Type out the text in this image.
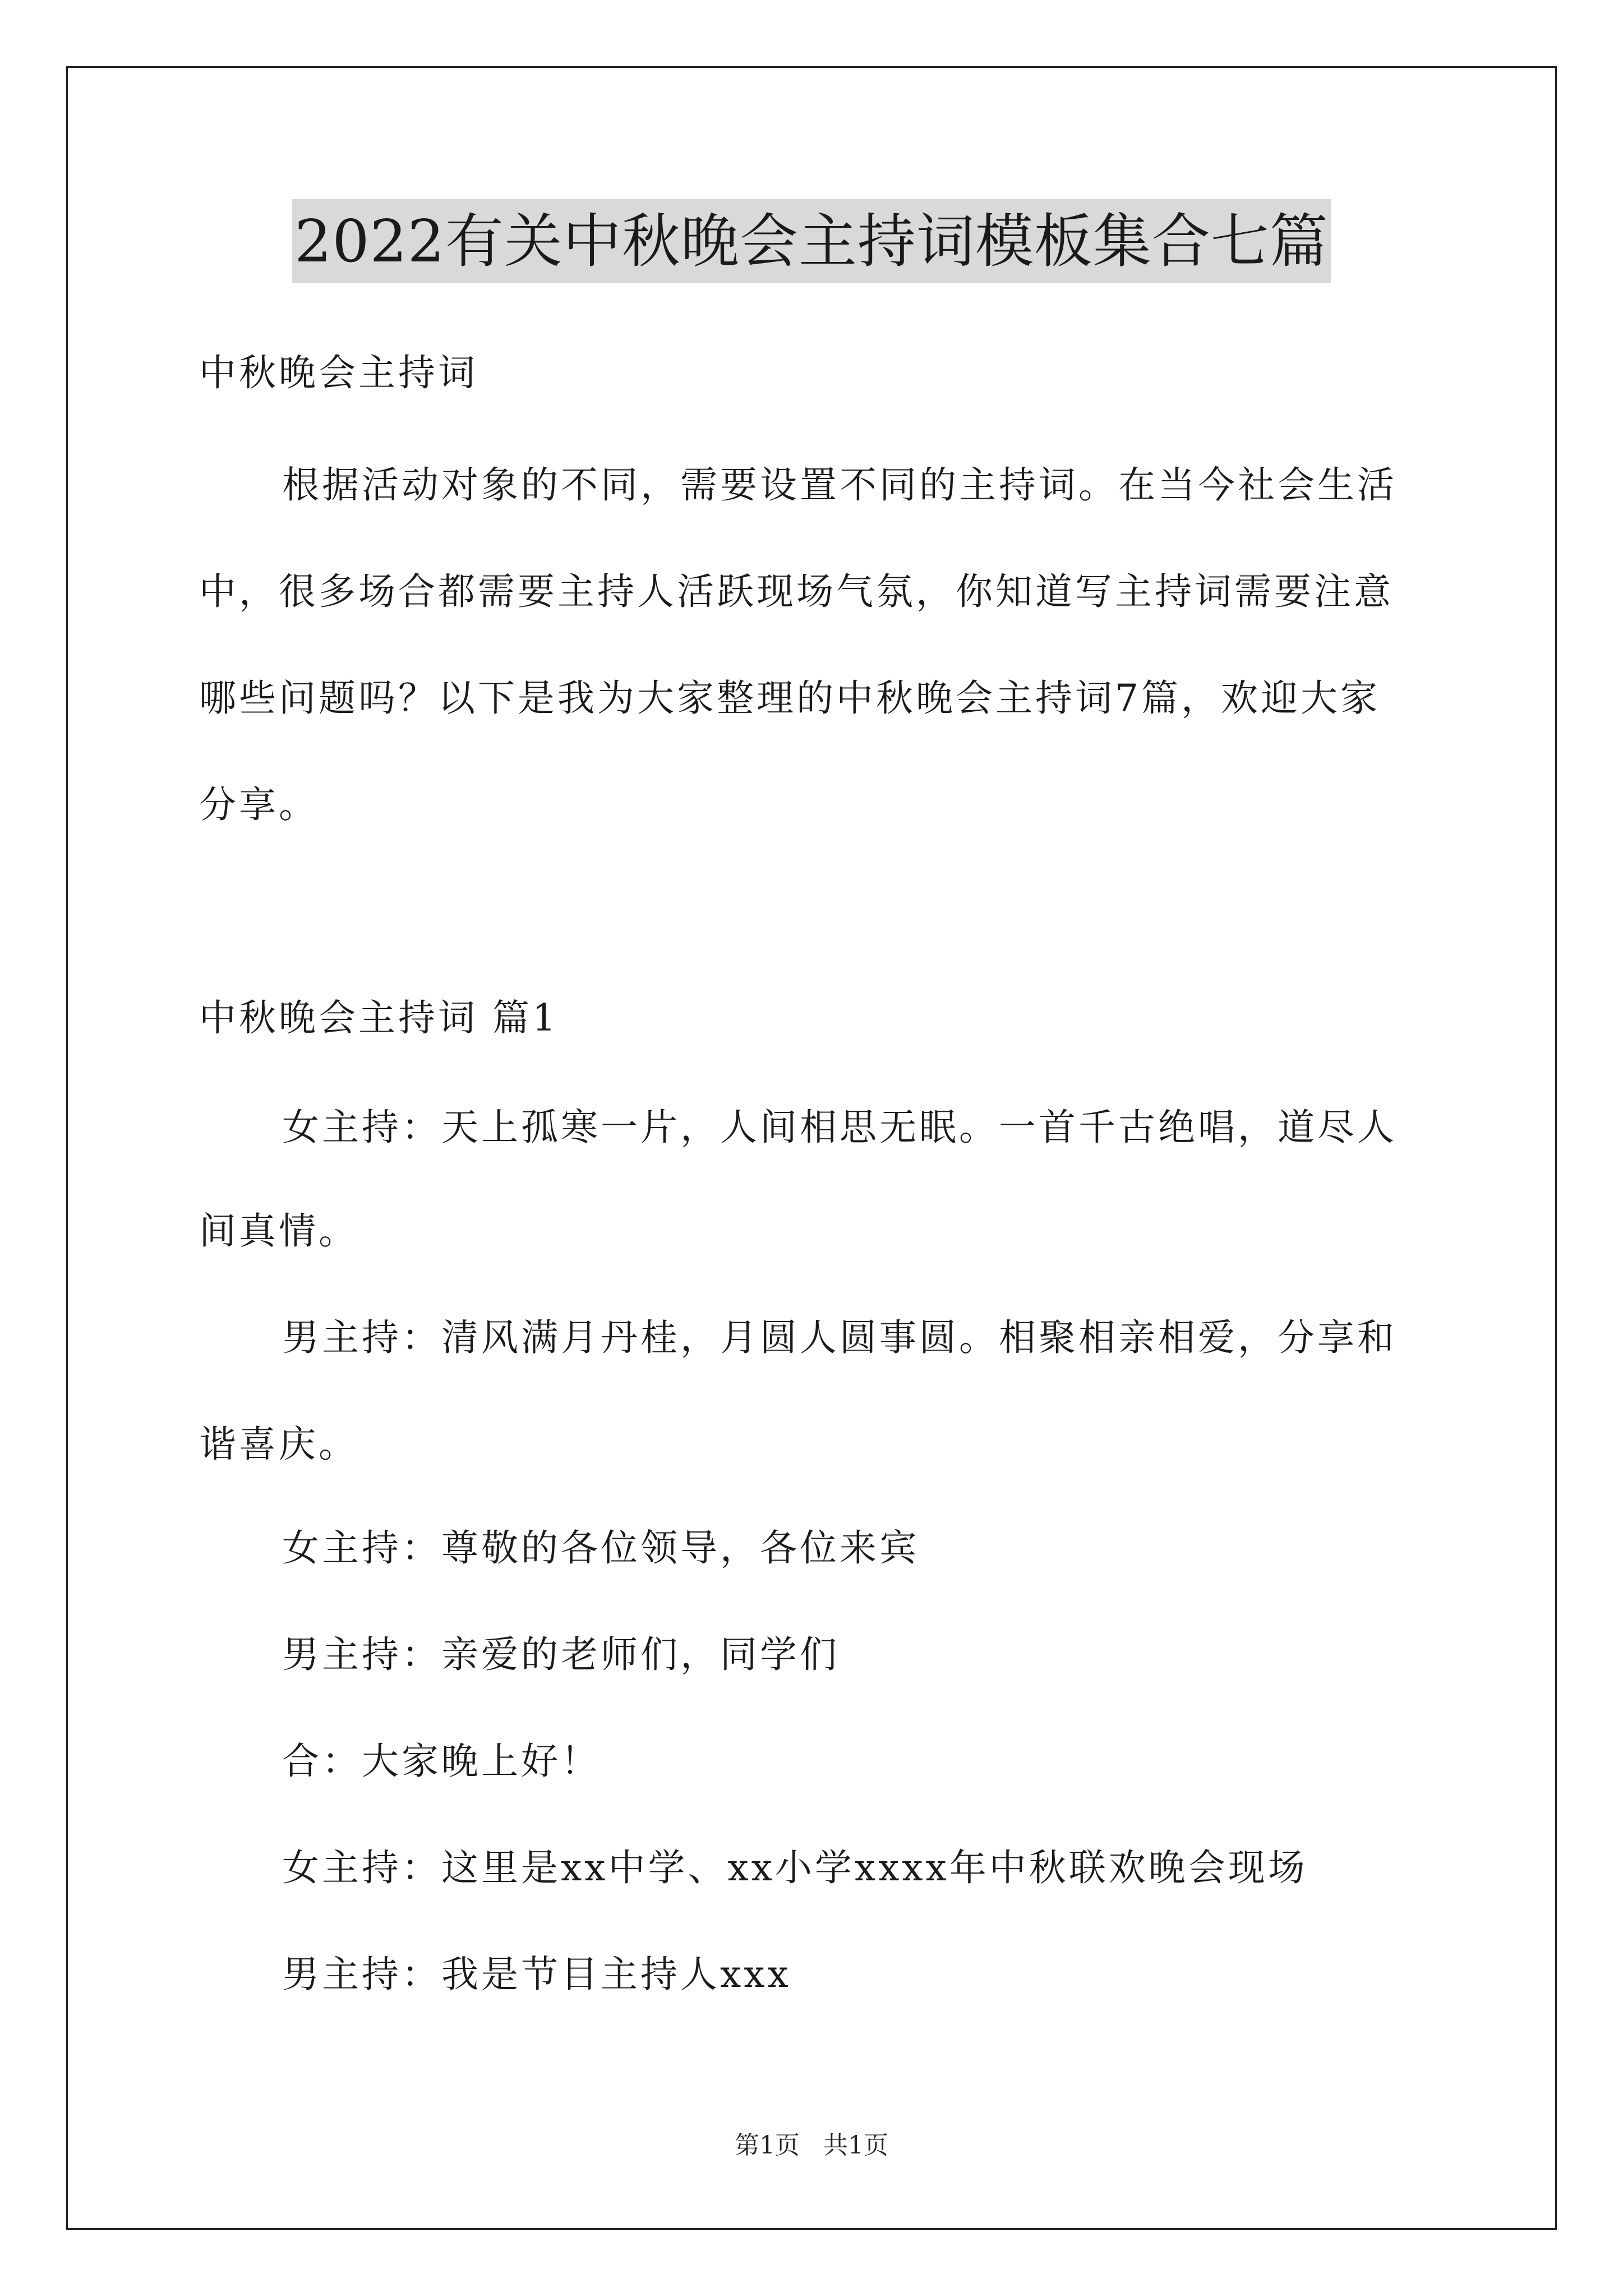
2022有关中秋晚会主持词模板集合七篇
中秋晚会主持词
根据活动对象的不同，需要设置不同的主持词。在当今社会生活
中，很多场合都需要主持人活跃现场气氛，你知道写主持词需要注意
哪些问题吗？以下是我为大家整理的中秋晚会主持词7篇，欢迎大家
分享。
中秋晚会主持词 篇1
女主持：天上孤寒一片，人间相思无眠。一首千古绝唱，道尽人
间真情。
男主持：清风满月丹桂，月圆人圆事圆。相聚相亲相爱，分享和
谐喜庆。
女主持：尊敬的各位领导，各位来宾
男主持：亲爱的老师们，同学们
合：大家晚上好！
女主持：这里是xx中学、xx小学xxxx年中秋联欢晚会现场
男主持：我是节目主持人xxx
第1页   共1页
